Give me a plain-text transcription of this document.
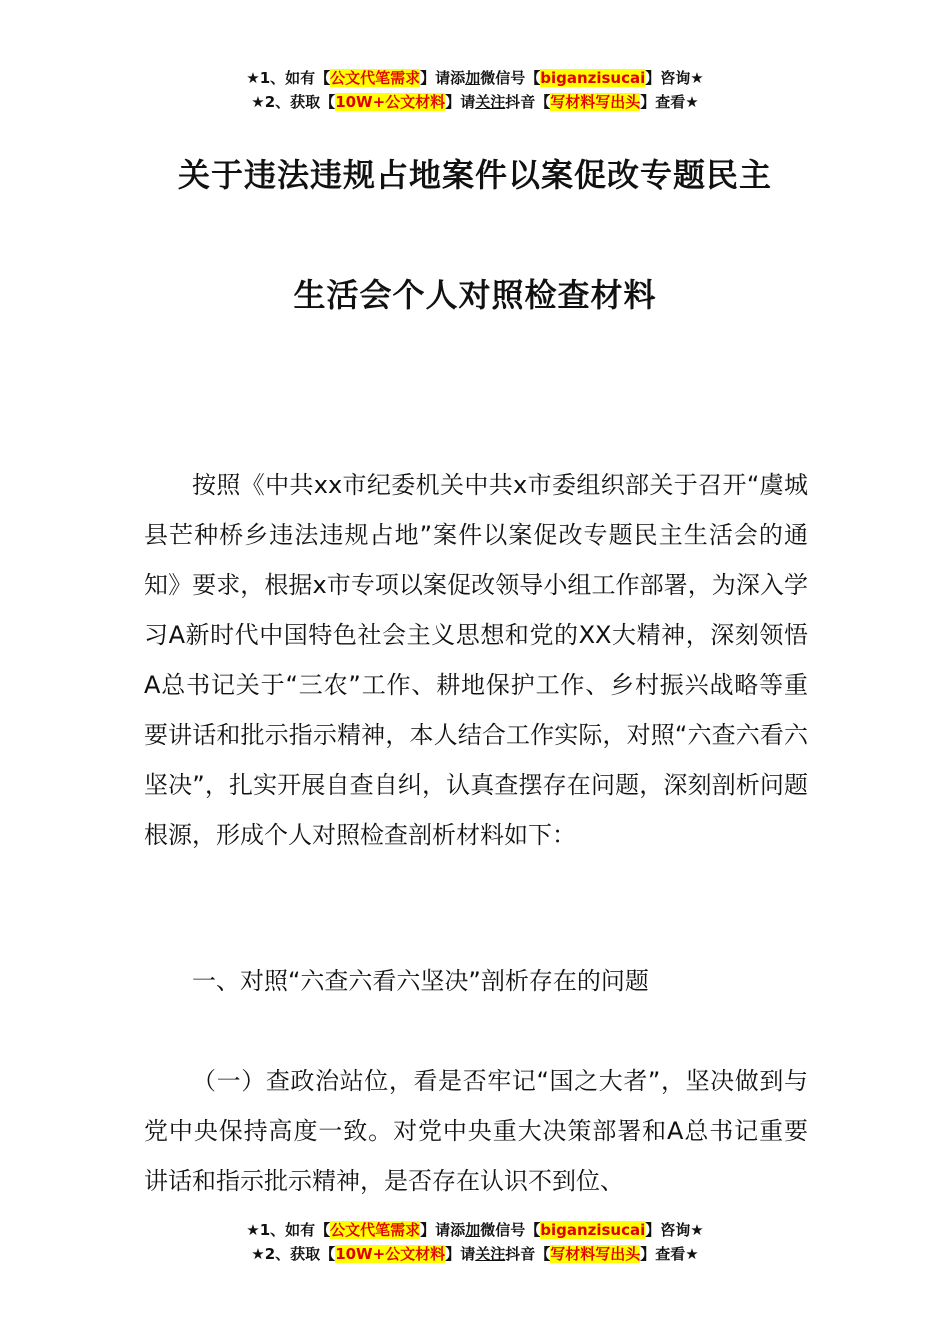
★1、如有【公文代笔需求】请添加微信号【biganzisucai】咨询★
★2、获取【10W+公文材料】请关注抖音【写材料写出头】查看★
关于违法违规占地案件以案促改专题民主
生活会个人对照检查材料
按照《中共xx市纪委机关中共x市委组织部关于召开“虞城县芒种桥乡违法违规占地”案件以案促改专题民主生活会的通知》要求，根据x市专项以案促改领导小组工作部署，为深入学习A新时代中国特色社会主义思想和党的XX大精神，深刻领悟A总书记关于“三农”工作、耕地保护工作、乡村振兴战略等重要讲话和批示指示精神，本人结合工作实际，对照“六查六看六坚决”，扎实开展自查自纠，认真查摆存在问题，深刻剖析问题根源，形成个人对照检查剖析材料如下：
一、对照“六查六看六坚决”剖析存在的问题
（一）查政治站位，看是否牢记“国之大者”，坚决做到与党中央保持高度一致。对党中央重大决策部署和A总书记重要讲话和指示批示精神，是否存在认识不到位、
★1、如有【公文代笔需求】请添加微信号【biganzisucai】咨询★
★2、获取【10W+公文材料】请关注抖音【写材料写出头】查看★
